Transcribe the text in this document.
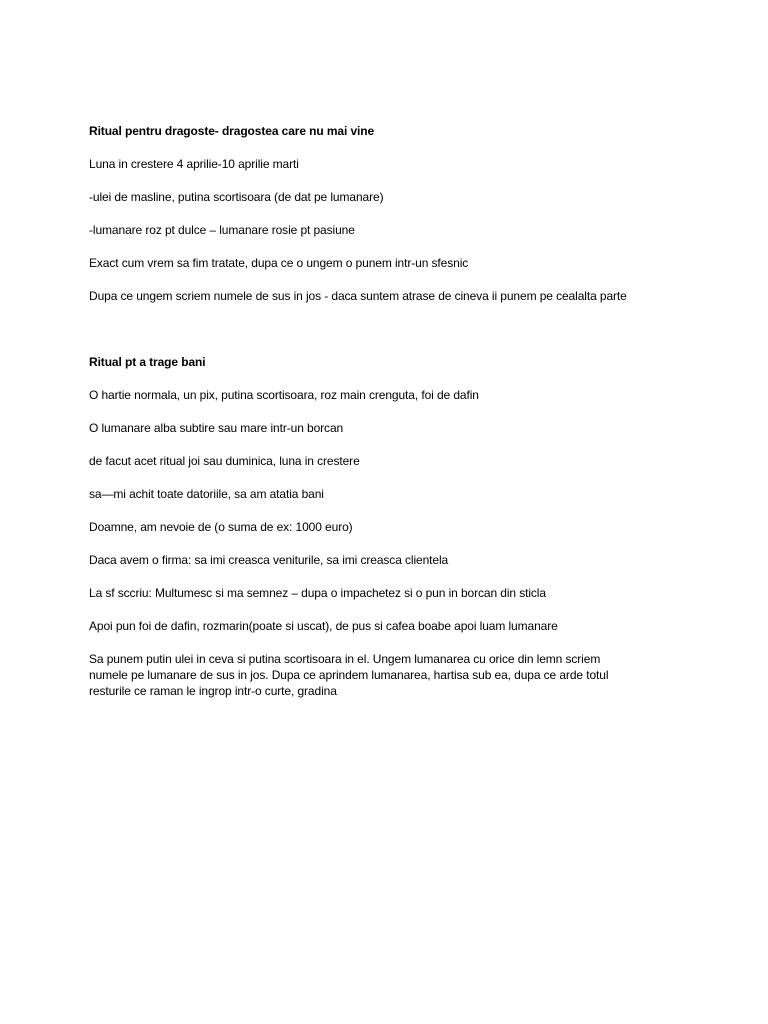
Ritual pentru dragoste- dragostea care nu mai vine
Luna in crestere 4 aprilie-10 aprilie marti
-ulei de masline, putina scortisoara (de dat pe lumanare)
-lumanare roz pt dulce – lumanare rosie pt pasiune
Exact cum vrem sa fim tratate, dupa ce o ungem o punem intr-un sfesnic
Dupa ce ungem scriem numele de sus in jos - daca suntem atrase de cineva ii punem pe cealalta parte
Ritual pt a trage bani
O hartie normala, un pix, putina scortisoara, roz main crenguta, foi de dafin
O lumanare alba subtire sau mare intr-un borcan
de facut acet ritual joi sau duminica, luna in crestere
sa—mi achit toate datoriile, sa am atatia bani
Doamne, am nevoie de (o suma de ex: 1000 euro)
Daca avem o firma: sa imi creasca veniturile, sa imi creasca clientela
La sf sccriu: Multumesc si ma semnez – dupa o impachetez si o pun in borcan din sticla
Apoi pun foi de dafin, rozmarin(poate si uscat), de pus si cafea boabe apoi luam lumanare
Sa punem putin ulei in ceva si putina scortisoara in el. Ungem lumanarea cu orice din lemn scriem
numele pe lumanare de sus in jos. Dupa ce aprindem lumanarea, hartisa sub ea, dupa ce arde totul
resturile ce raman le ingrop intr-o curte, gradina
